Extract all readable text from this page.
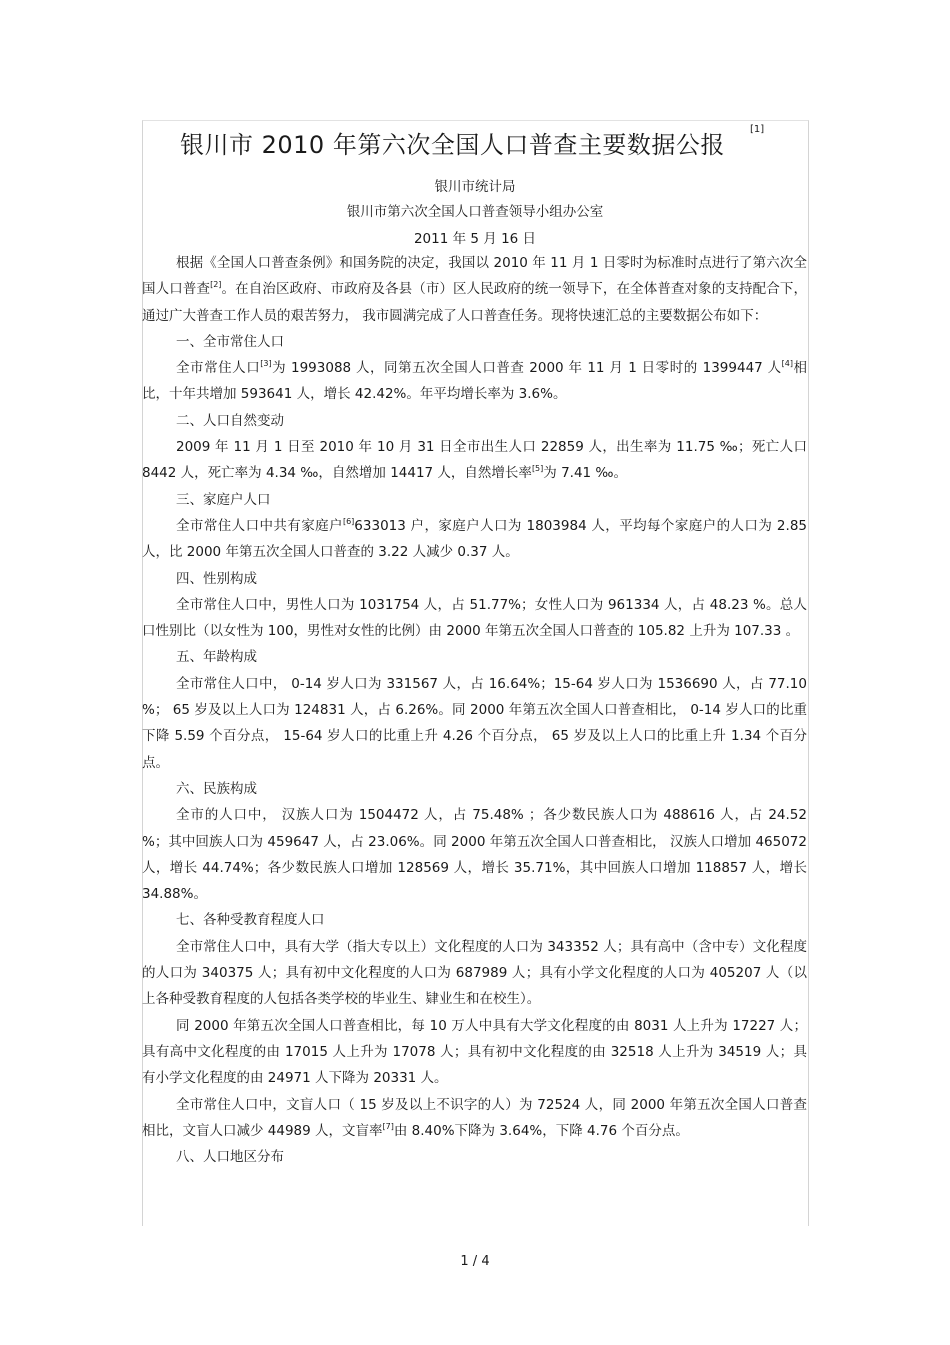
银川市 2010 年第六次全国人口普查主要数据公报
[1]
银川市统计局
银川市第六次全国人口普查领导小组办公室
2011 年 5 月 16 日

根据《全国人口普查条例》和国务院的决定，我国以 2010 年 11 月 1 日零时为标准时点进行了第六次全国人口普查[2]。在自治区政府、市政府及各县（市）区人民政府的统一领导下，在全体普查对象的支持配合下， 通过广大普查工作人员的艰苦努力， 我市圆满完成了人口普查任务。现将快速汇总的主要数据公布如下：

一、全市常住人口

全市常住人口[3]为 1993088 人，同第五次全国人口普查 2000 年 11 月 1 日零时的 1399447 人[4]相比，十年共增加 593641 人，增长 42.42%。年平均增长率为 3.6%。

二、人口自然变动

2009 年 11 月 1 日至 2010 年 10 月 31 日全市出生人口 22859 人，出生率为 11.75 ‰；死亡人口 8442 人，死亡率为 4.34 ‰，自然增加 14417 人，自然增长率[5]为 7.41 ‰。

三、家庭户人口

全市常住人口中共有家庭户[6]633013 户，家庭户人口为 1803984 人，平均每个家庭户的人口为 2.85 人，比 2000 年第五次全国人口普查的 3.22 人减少 0.37 人。

四、性别构成

全市常住人口中，男性人口为 1031754 人，占 51.77%；女性人口为 961334 人，占 48.23 %。总人口性别比（以女性为 100，男性对女性的比例）由 2000 年第五次全国人口普查的 105.82 上升为 107.33 。

五、年龄构成

全市常住人口中， 0-14 岁人口为 331567 人，占 16.64%；15-64 岁人口为 1536690 人，占 77.10 %； 65 岁及以上人口为 124831 人，占 6.26%。同 2000 年第五次全国人口普查相比， 0-14 岁人口的比重下降 5.59 个百分点， 15-64 岁人口的比重上升 4.26 个百分点， 65 岁及以上人口的比重上升 1.34 个百分点。

六、民族构成

全市的人口中， 汉族人口为 1504472 人，占 75.48% ；各少数民族人口为 488616 人，占 24.52 %；其中回族人口为 459647 人，占 23.06%。同 2000 年第五次全国人口普查相比， 汉族人口增加 465072 人，增长 44.74%；各少数民族人口增加 128569 人，增长 35.71%，其中回族人口增加 118857 人，增长 34.88%。

七、各种受教育程度人口

全市常住人口中，具有大学（指大专以上）文化程度的人口为 343352 人；具有高中（含中专）文化程度的人口为 340375 人；具有初中文化程度的人口为 687989 人；具有小学文化程度的人口为 405207 人（以上各种受教育程度的人包括各类学校的毕业生、肄业生和在校生）。

同 2000 年第五次全国人口普查相比，每 10 万人中具有大学文化程度的由 8031 人上升为 17227 人；具有高中文化程度的由 17015 人上升为 17078 人；具有初中文化程度的由 32518 人上升为 34519 人；具有小学文化程度的由 24971 人下降为 20331 人。

全市常住人口中，文盲人口（ 15 岁及以上不识字的人）为 72524 人，同 2000 年第五次全国人口普查相比，文盲人口减少 44989 人，文盲率[7]由 8.40%下降为 3.64%，下降 4.76 个百分点。

八、人口地区分布

1 / 4
